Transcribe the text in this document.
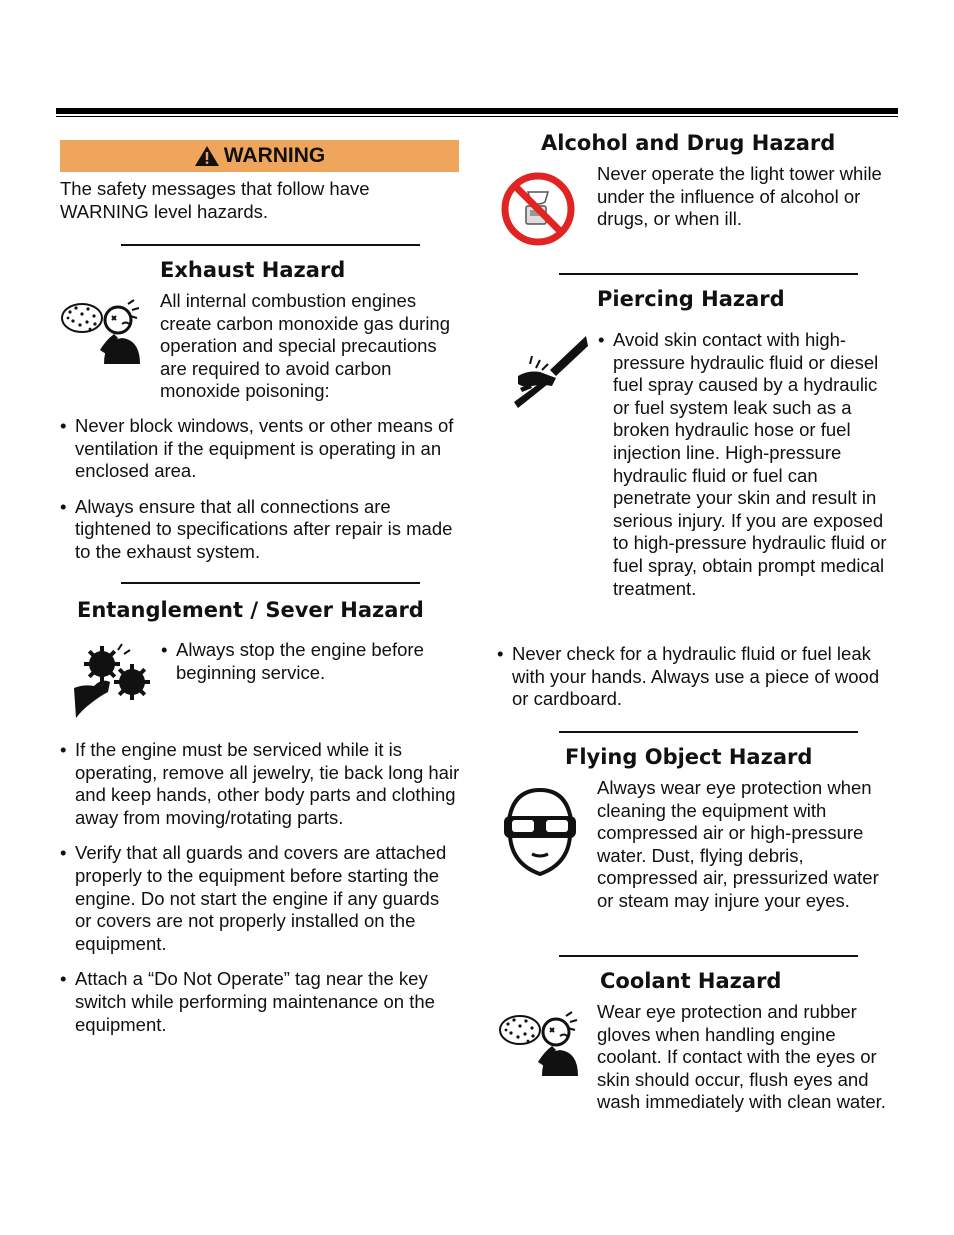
WARNING

The safety messages that follow have WARNING level hazards.

Exhaust Hazard

All internal combustion engines create carbon monoxide gas during operation and special precautions are required to avoid carbon monoxide poisoning:

• Never block windows, vents or other means of ventilation if the equipment is operating in an enclosed area.
• Always ensure that all connections are tightened to specifications after repair is made to the exhaust system.
Entanglement / Sever Hazard
• Always stop the engine before beginning service.
• If the engine must be serviced while it is operating, remove all jewelry, tie back long hair and keep hands, other body parts and clothing away from moving/rotating parts.
• Verify that all guards and covers are attached properly to the equipment before starting the engine. Do not start the engine if any guards or covers are not properly installed on the equipment.
• Attach a “Do Not Operate” tag near the key switch while performing maintenance on the equipment.
Alcohol and Drug Hazard

Never operate the light tower while under the influence of alcohol or drugs, or when ill.

Piercing Hazard
• Avoid skin contact with high-pressure hydraulic fluid or diesel fuel spray caused by a hydraulic or fuel system leak such as a broken hydraulic hose or fuel injection line. High-pressure hydraulic fluid or fuel can penetrate your skin and result in serious injury. If you are exposed to high-pressure hydraulic fluid or fuel spray, obtain prompt medical treatment.
• Never check for a hydraulic fluid or fuel leak with your hands. Always use a piece of wood or cardboard.
Flying Object Hazard

Always wear eye protection when cleaning the equipment with compressed air or high-pressure water. Dust, flying debris, compressed air, pressurized water or steam may injure your eyes.

Coolant Hazard

Wear eye protection and rubber gloves when handling engine coolant. If contact with the eyes or skin should occur, flush eyes and wash immediately with clean water.
